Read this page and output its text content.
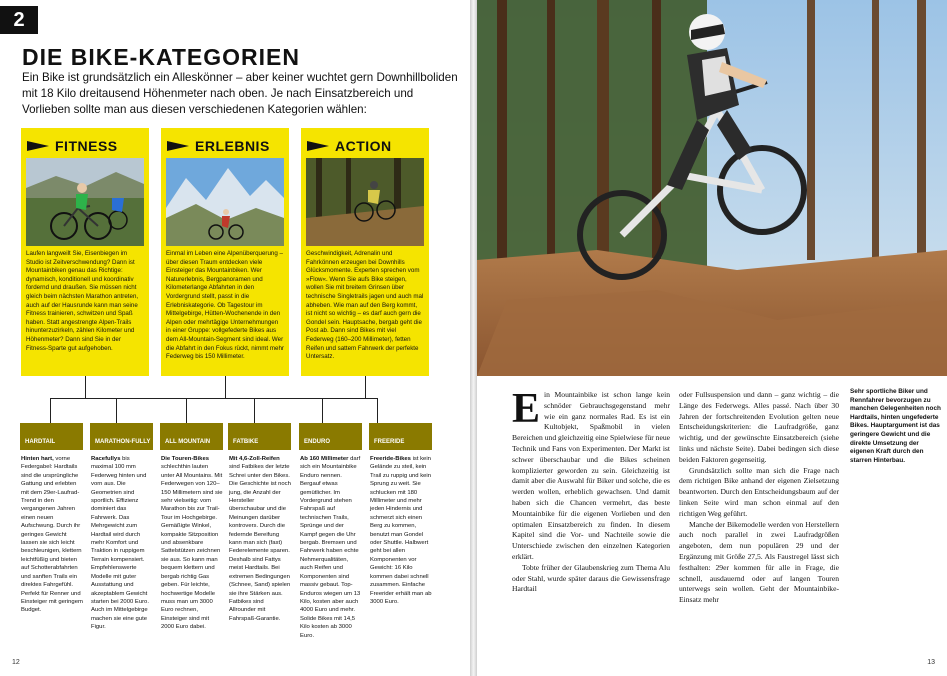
2
DIE BIKE-KATEGORIEN
Ein Bike ist grundsätzlich ein Alleskönner – aber keiner wuchtet gern Downhillboliden mit 18 Kilo dreitausend Höhenmeter nach oben. Je nach Einsatzbereich und Vorlieben sollte man aus diesen verschiedenen Kategorien wählen:
FITNESS
Laufen langweilt Sie, Eisenbiegen im Studio ist Zeitverschwendung? Dann ist Mountainbiken genau das Richtige: dynamisch, konditionell und koordinativ fordernd und draußen. Sie müssen nicht gleich beim nächsten Marathon antreten, auch auf der Hausrunde kann man seine Fitness trainieren, schwitzen und Spaß haben. Statt angestrengte Alpen-Trails hinunterzuzirkeln, zählen Kilometer und Höhenmeter? Dann sind Sie in der Fitness-Sparte gut aufgehoben.
ERLEBNIS
Einmal im Leben eine Alpenüberquerung – über diesen Traum entdecken viele Einsteiger das Mountainbiken. Wer Naturerlebnis, Bergpanoramen und Kilometerlange Abfahrten in den Vordergrund stellt, passt in die Erlebniskategorie. Ob Tagestour im Mittelgebirge, Hütten-Wochenende in den Alpen oder mehrtägige Unternehmungen in einer Gruppe: vollgefederte Bikes aus dem All-Mountain-Segment sind ideal. Wer die Abfahrt in den Fokus rückt, nimmt mehr Federweg bis 150 Millimeter.
ACTION
Geschwindigkeit, Adrenalin und Fahrkönnen erzeugen bei Downhills Glücksmomente. Experten sprechen vom »Flow«. Wenn Sie aufs Bike steigen, wollen Sie mit breitem Grinsen über technische Singletrails jagen und auch mal abheben. Wie man auf den Berg kommt, ist nicht so wichtig – es darf auch gern die Gondel sein. Hauptsache, bergab geht die Post ab. Dann sind Bikes mit viel Federweg (160–200 Millimeter), fetten Reifen und sattem Fahrwerk der perfekte Untersatz.
HARDTAIL
Hinten hart, vorne Federgabel: Hardtails sind die ursprüngliche Gattung und erlebten mit dem 29er-Laufrad-Trend in den vergangenen Jahren einen neuen Aufschwung. Durch ihr geringes Gewicht lassen sie sich leicht beschleunigen, klettern leichtfüßig und bieten auf Schotterabfahrten und sanften Trails ein direktes Fahrgefühl. Perfekt für Renner und Einsteiger mit geringem Budget.
MARATHON-FULLY
Racefullys bis maximal 100 mm Federweg hinten und vorn aus. Die Geometrien sind sportlich. Effizienz dominiert das Fahrwerk. Das Mehrgewicht zum Hardtail wird durch mehr Komfort und Traktion in ruppigem Terrain kompensiert. Empfehlenswerte Modelle mit guter Ausstattung und akzeptablem Gewicht starten bei 2000 Euro. Auch im Mittelgebirge machen sie eine gute Figur.
ALL MOUNTAIN
Die Touren-Bikes schlechthin lauten unter All Mountains. Mit Federwegen von 120–150 Millimetern sind sie sehr vielseitig: vom Marathon bis zur Trail-Tour im Hochgebirge. Gemäßigte Winkel, kompakte Sitzposition und absenkbare Sattelstützen zeichnen sie aus. So kann man bequem klettern und bergab richtig Gas geben. Für leichte, hochwertige Modelle muss man um 3000 Euro rechnen, Einsteiger sind mit 2000 Euro dabei.
FATBIKE
Mit 4,6-Zoll-Reifen sind Fatbikes der letzte Schrei unter den Bikes. Die Geschichte ist noch jung, die Anzahl der Hersteller überschaubar und die Meinungen darüber kontrovers. Durch die federnde Bereifung kann man sich (fast) Federelemente sparen. Deshalb sind Fattys meist Hardtails. Bei extremen Bedingungen (Schnee, Sand) spielen sie ihre Stärken aus. Fatbikes sind Allrounder mit Fahrspaß-Garantie.
ENDURO
Ab 160 Millimeter darf sich ein Mountainbike Enduro nennen. Bergauf etwas gemütlicher. Im Vordergrund stehen Fahrspaß auf technischen Trails, Sprünge und der Kampf gegen die Uhr bergab. Bremsen und Fahrwerk haben echte Nehmerqualitäten, auch Reifen und Komponenten sind massiv gebaut. Top-Enduros wiegen um 13 Kilo, kosten aber auch 4000 Euro und mehr. Solide Bikes mit 14,5 Kilo kosten ab 3000 Euro.
FREERIDE
Freeride-Bikes ist kein Gelände zu steil, kein Trail zu ruppig und kein Sprung zu weit. Sie schlucken mit 180 Millimeter und mehr jeden Hindernis und schmerzt sich einen Berg zu kommen, benutzt man Gondel oder Shuttle. Halbwert geht bei allen Komponenten vor Gewicht: 16 Kilo kommen dabei schnell zusammen. Einfache Freerider erhält man ab 3000 Euro.
12
E in Mountainbike ist schon lange kein schnöder Gebrauchsgegenstand mehr wie ein ganz normales Rad. Es ist ein Kultobjekt, Spaßmobil in vielen Bereichen und gleichzeitig eine Spielwiese für neue Technik und Fans von Experimenten. Der Markt ist schwer überschaubar und die Bikes scheinen komplizierter geworden zu sein. Gleichzeitig ist damit aber die Auswahl für Biker und solche, die es werden wollen, erheblich gewachsen. Und damit haben sich die Chancen vermehrt, das beste Mountainbike für die eigenen Vorlieben und den optimalen Einsatzbereich zu finden. In diesem Kapitel sind die Vor- und Nachteile sowie die Unterschiede zwischen den einzelnen Kategorien erklärt.
Tobte früher der Glaubenskrieg zum Thema Alu oder Stahl, wurde später daraus die Gewissensfrage Hardtail
oder Fullsuspension und dann – ganz wichtig – die Länge des Federwegs. Alles passé. Nach über 30 Jahren der fortschreitenden Evolution gelten neue Entscheidungskriterien: die Laufradgröße, ganz wichtig, und der gewünschte Einsatzbereich (siehe links und nächste Seite). Dabei bedingen sich diese beiden Faktoren gegenseitig.
Grundsätzlich sollte man sich die Frage nach dem richtigen Bike anhand der eigenen Zielsetzung beantworten. Durch den Entscheidungsbaum auf der linken Seite wird man schon einmal auf den richtigen Weg geführt.
Manche der Bikemodelle werden von Herstellern auch noch parallel in zwei Laufradgrößen angeboten, dem nun populären 29 und der Ergänzung mit Größe 27,5. Als Faustregel lässt sich festhalten: 29er kommen für alle in Frage, die schnell, ausdauernd oder auf langen Touren unterwegs sein wollen. Geht der Mountainbike-Einsatz mehr
Sehr sportliche Biker und Rennfahrer bevorzugen zu manchen Gelegenheiten noch Hardtails, hinten ungefederte Bikes. Hauptargument ist das geringere Gewicht und die direkte Umsetzung der eigenen Kraft durch den starren Hinterbau.
13
